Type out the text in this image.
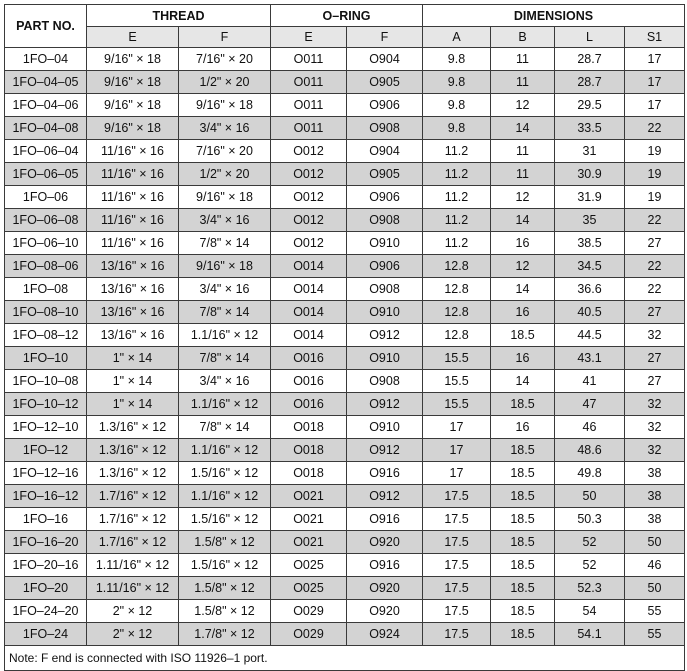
PART NO.	THREAD		O–RING		DIMENSIONS			
	E	F	E	F	A	B	L	S1
1FO–04	9/16" × 18	7/16" × 20	O011	O904	9.8	11	28.7	17
1FO–04–05	9/16" × 18	1/2" × 20	O011	O905	9.8	11	28.7	17
1FO–04–06	9/16" × 18	9/16" × 18	O011	O906	9.8	12	29.5	17
1FO–04–08	9/16" × 18	3/4" × 16	O011	O908	9.8	14	33.5	22
1FO–06–04	11/16" × 16	7/16" × 20	O012	O904	11.2	11	31	19
1FO–06–05	11/16" × 16	1/2" × 20	O012	O905	11.2	11	30.9	19
1FO–06	11/16" × 16	9/16" × 18	O012	O906	11.2	12	31.9	19
1FO–06–08	11/16" × 16	3/4" × 16	O012	O908	11.2	14	35	22
1FO–06–10	11/16" × 16	7/8" × 14	O012	O910	11.2	16	38.5	27
1FO–08–06	13/16" × 16	9/16" × 18	O014	O906	12.8	12	34.5	22
1FO–08	13/16" × 16	3/4" × 16	O014	O908	12.8	14	36.6	22
1FO–08–10	13/16" × 16	7/8" × 14	O014	O910	12.8	16	40.5	27
1FO–08–12	13/16" × 16	1.1/16" × 12	O014	O912	12.8	18.5	44.5	32
1FO–10	1" × 14	7/8" × 14	O016	O910	15.5	16	43.1	27
1FO–10–08	1" × 14	3/4" × 16	O016	O908	15.5	14	41	27
1FO–10–12	1" × 14	1.1/16" × 12	O016	O912	15.5	18.5	47	32
1FO–12–10	1.3/16" × 12	7/8" × 14	O018	O910	17	16	46	32
1FO–12	1.3/16" × 12	1.1/16" × 12	O018	O912	17	18.5	48.6	32
1FO–12–16	1.3/16" × 12	1.5/16" × 12	O018	O916	17	18.5	49.8	38
1FO–16–12	1.7/16" × 12	1.1/16" × 12	O021	O912	17.5	18.5	50	38
1FO–16	1.7/16" × 12	1.5/16" × 12	O021	O916	17.5	18.5	50.3	38
1FO–16–20	1.7/16" × 12	1.5/8" × 12	O021	O920	17.5	18.5	52	50
1FO–20–16	1.11/16" × 12	1.5/16" × 12	O025	O916	17.5	18.5	52	46
1FO–20	1.11/16" × 12	1.5/8" × 12	O025	O920	17.5	18.5	52.3	50
1FO–24–20	2" × 12	1.5/8" × 12	O029	O920	17.5	18.5	54	55
1FO–24	2" × 12	1.7/8" × 12	O029	O924	17.5	18.5	54.1	55
Note: F end is connected with ISO 11926–1 port.								
